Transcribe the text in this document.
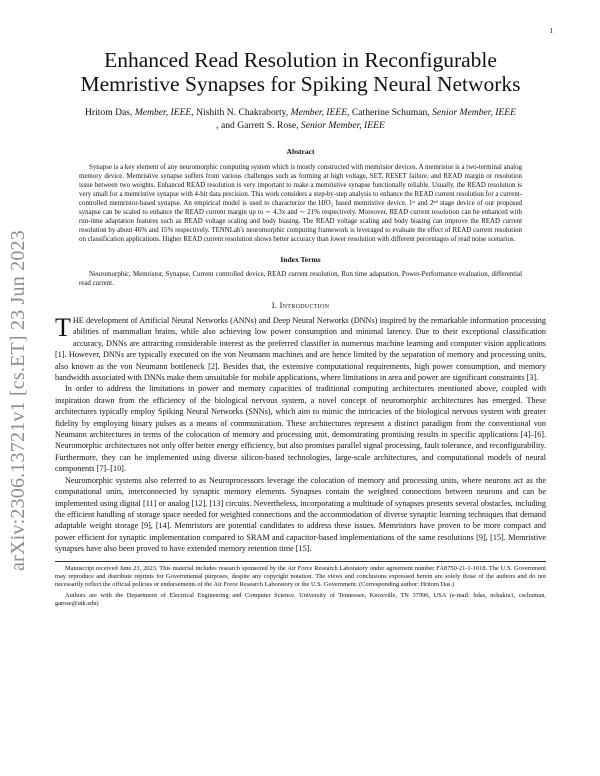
1
arXiv:2306.13721v1 [cs.ET] 23 Jun 2023
Enhanced Read Resolution in Reconfigurable Memristive Synapses for Spiking Neural Networks
Hritom Das, Member, IEEE, Nishith N. Chakraborty, Member, IEEE, Catherine Schuman, Senior Member, IEEE
, and Garrett S. Rose, Senior Member, IEEE
Abstract

Synapse is a key element of any neuromorphic computing system which is mostly constructed with memristor devices. A memristor is a two-terminal analog memory device. Memristive synapse suffers from various challenges such as forming at high voltage, SET, RESET failure, and READ margin or resolution issue between two weights. Enhanced READ resolution is very important to make a memristive synapse functionally reliable. Usually, the READ resolution is very small for a memristive synapse with 4-bit data precision. This work considers a step-by-step analysis to enhance the READ current resolution for a current-controlled memristor-based synapse. An empirical model is used to characterize the HfO₂ based memristive device. 1ˢᵗ and 2ⁿᵈ stage device of our proposed synapse can be scaled to enhance the READ current margin up to ∼ 4.3x and ∼ 21% respectively. Moreover, READ current resolution can be enhanced with run-time adaptation features such as READ voltage scaling and body biasing. The READ voltage scaling and body biasing can improve the READ current resolution by about 46% and 15% respectively. TENNLab's neuromorphic computing framework is leveraged to evaluate the effect of READ current resolution on classification applications. Higher READ current resolution shows better accuracy than lower resolution with different percentages of read noise scenarios.

Index Terms

Neuromorphic, Memristor, Synapse, Current controlled device, READ current resolution, Run time adaptation, Power-Performance evaluation, differential read current.

I. Introduction

THE development of Artificial Neural Networks (ANNs) and Deep Neural Networks (DNNs) inspired by the remarkable information processing abilities of mammalian brains, while also achieving low power consumption and minimal latency. Due to their exceptional classification accuracy, DNNs are attracting considerable interest as the preferred classifier in numerous machine learning and computer vision applications [1]. However, DNNs are typically executed on the von Neumann machines and are hence limited by the separation of memory and processing units, also known as the von Neumann bottleneck [2]. Besides that, the extensive computational requirements, high power consumption, and memory bandwidth associated with DNNs make them unsuitable for mobile applications, where limitations in area and power are significant constraints [3].

In order to address the limitations in power and memory capacities of traditional computing architectures mentioned above, coupled with inspiration drawn from the efficiency of the biological nervous system, a novel concept of neuromorphic architectures has emerged. These architectures typically employ Spiking Neural Networks (SNNs), which aim to mimic the intricacies of the biological nervous system with greater fidelity by employing binary pulses as a means of communication. These architectures represent a distinct paradigm from the conventional von Neumann architectures in terms of the colocation of memory and processing unit, demonstrating promising results in specific applications [4]–[6]. Neuromorphic architectures not only offer better energy efficiency, but also promises parallel signal processing, fault tolerance, and reconfigurability. Furthermore, they can be implemented using diverse silicon-based technologies, large-scale architectures, and computational models of neural components [7]–[10].

Neuromorphic systems also referred to as Neuroprocessors leverage the colocation of memory and processing units, where neurons act as the computational units, interconnected by synaptic memory elements. Synapses contain the weighted connections between neurons and can be implemented using digital [11] or analog [12], [13] circuits. Nevertheless, incorporating a multitude of synapses presents several obstacles, including the efficient handling of storage space needed for weighted connections and the accommodation of diverse synaptic learning techniques that demand adaptable weight storage [9], [14]. Memristors are potential candidates to address these issues. Memristors have proven to be more compact and power efficient for synaptic implementation compared to SRAM and capacitor-based implementations of the same resolutions [9], [15]. Memristive synapses have also been proved to have extended memory retention time [15].

Manuscript received June 23, 2023. This material includes research sponsored by the Air Force Research Laboratory under agreement number FA8750-21-1-1018. The U.S. Government may reproduce and distribute reprints for Governmental purposes, despite any copyright notation. The views and conclusions expressed herein are solely those of the authors and do not necessarily reflect the official policies or endorsements of the Air Force Research Laboratory or the U.S. Government. (Corresponding author: Hritom Das.)

Authors are with the Department of Electrical Engineering and Computer Science, University of Tennessee, Knoxville, TN 37996, USA (e-mail: hdas, nchakra1, cschuman, garose@utk.edu)
